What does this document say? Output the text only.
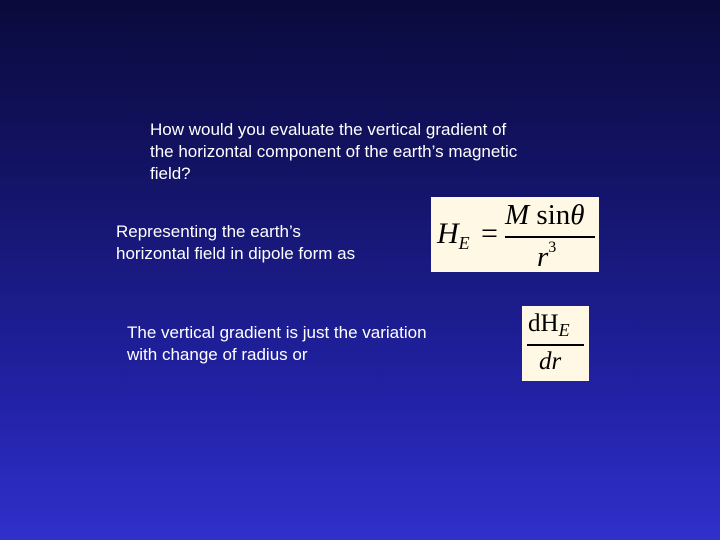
How would you evaluate the vertical gradient of
the horizontal component of the earth’s magnetic
field?
Representing the earth’s
horizontal field in dipole form as
$H_E$ =
M sinθ
$r^3$
The vertical gradient is just the variation
with change of radius or
$dH_E$
dr
